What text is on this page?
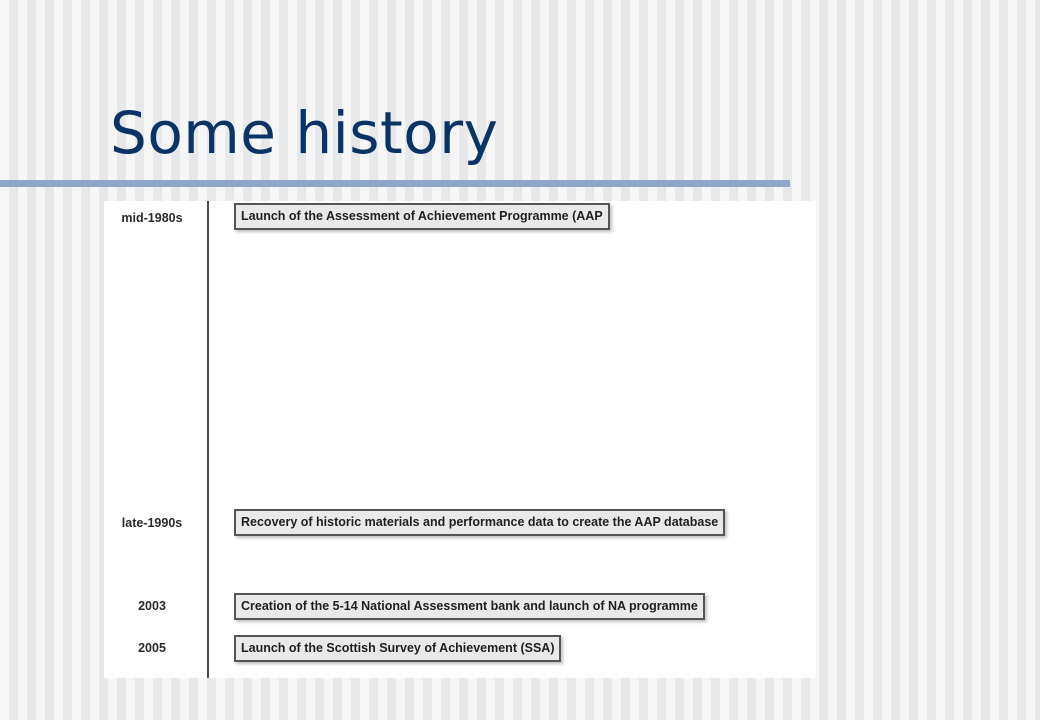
Some history
mid-1980s	Launch of the Assessment of Achievement Programme (AAP
late-1990s	Recovery of historic materials and performance data to create the AAP database
2003	Creation of the 5-14 National Assessment bank and launch of NA programme
2005	Launch of the Scottish Survey of Achievement (SSA)
